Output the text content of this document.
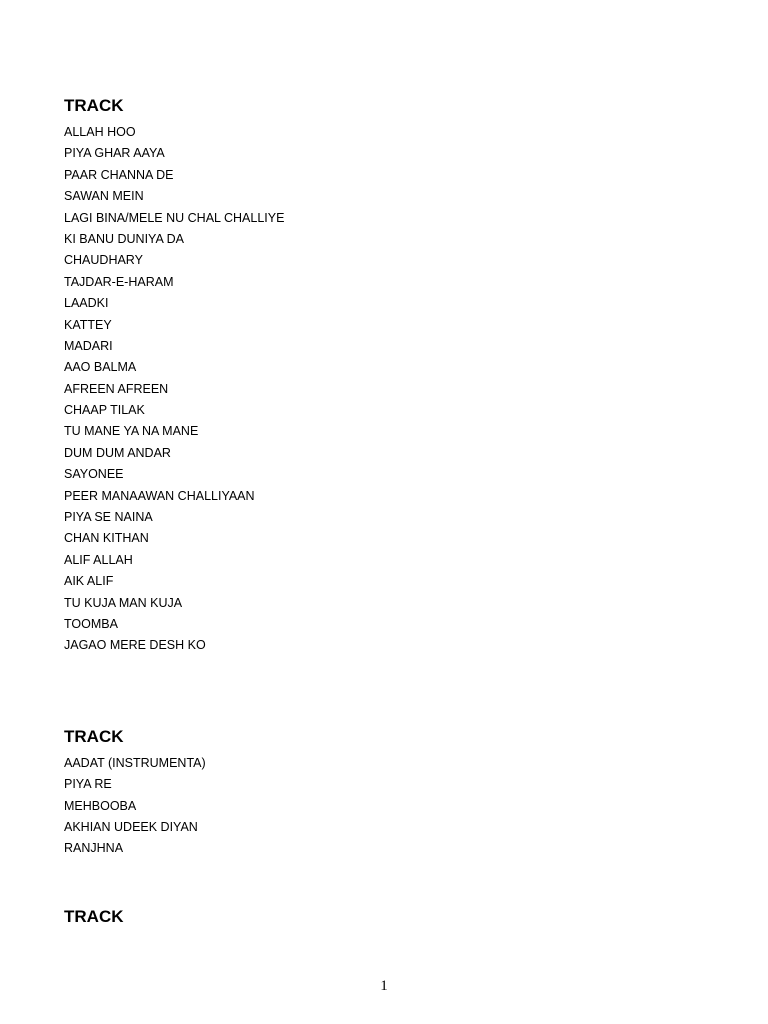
TRACK
ALLAH HOO
PIYA GHAR AAYA
PAAR CHANNA DE
SAWAN MEIN
LAGI BINA/MELE NU CHAL CHALLIYE
KI BANU DUNIYA DA
CHAUDHARY
TAJDAR-E-HARAM
LAADKI
KATTEY
MADARI
AAO BALMA
AFREEN AFREEN
CHAAP TILAK
TU MANE YA NA MANE
DUM DUM ANDAR
SAYONEE
PEER MANAAWAN CHALLIYAAN
PIYA SE NAINA
CHAN KITHAN
ALIF ALLAH
AIK ALIF
TU KUJA MAN KUJA
TOOMBA
JAGAO MERE DESH KO
TRACK
AADAT (INSTRUMENTA)
PIYA RE
MEHBOOBA
AKHIAN UDEEK DIYAN
RANJHNA
TRACK
1
